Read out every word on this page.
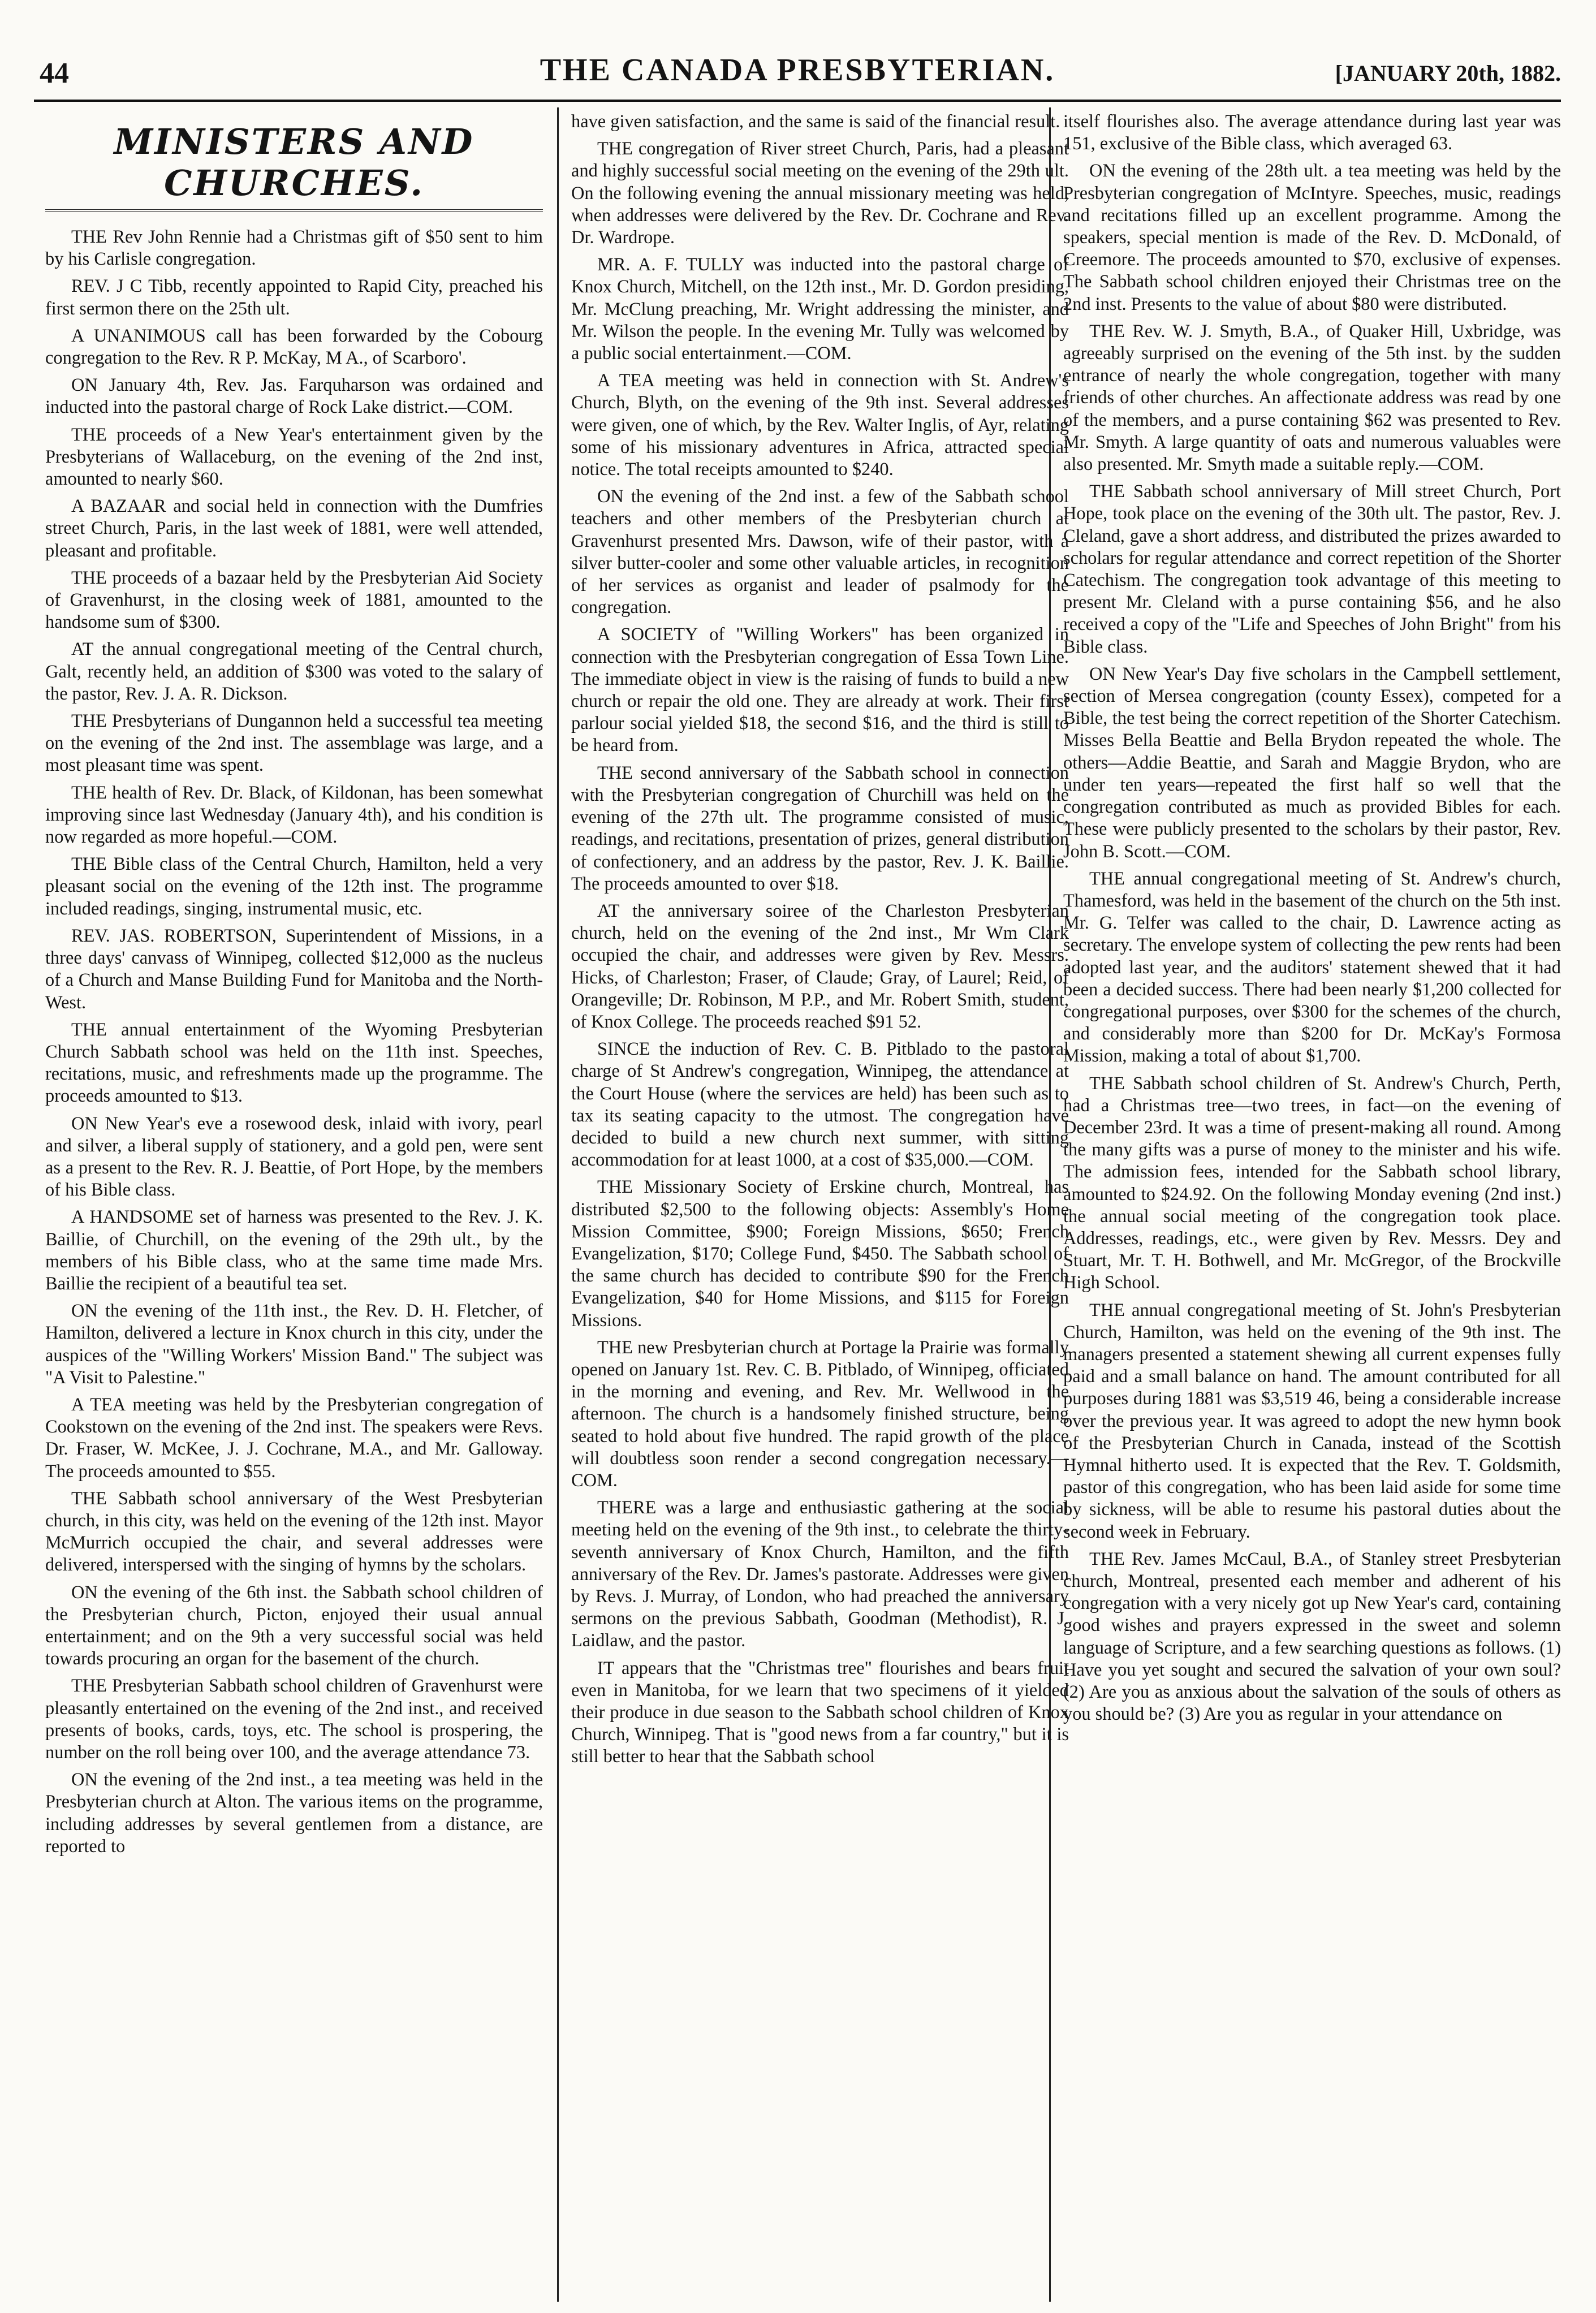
44	THE CANADA PRESBYTERIAN.	[JANUARY 20th, 1882.
MINISTERS AND CHURCHES.

THE Rev John Rennie had a Christmas gift of $50 sent to him by his Carlisle congregation.

REV. J C Tibb, recently appointed to Rapid City, preached his first sermon there on the 25th ult.

A UNANIMOUS call has been forwarded by the Cobourg congregation to the Rev. R P. McKay, M A., of Scarboro'.

ON January 4th, Rev. Jas. Farquharson was ordained and inducted into the pastoral charge of Rock Lake district.—COM.

THE proceeds of a New Year's entertainment given by the Presbyterians of Wallaceburg, on the evening of the 2nd inst, amounted to nearly $60.

A BAZAAR and social held in connection with the Dumfries street Church, Paris, in the last week of 1881, were well attended, pleasant and profitable.

THE proceeds of a bazaar held by the Presbyterian Aid Society of Gravenhurst, in the closing week of 1881, amounted to the handsome sum of $300.

AT the annual congregational meeting of the Central church, Galt, recently held, an addition of $300 was voted to the salary of the pastor, Rev. J. A. R. Dickson.

THE Presbyterians of Dungannon held a successful tea meeting on the evening of the 2nd inst. The assemblage was large, and a most pleasant time was spent.

THE health of Rev. Dr. Black, of Kildonan, has been somewhat improving since last Wednesday (January 4th), and his condition is now regarded as more hopeful.—COM.

THE Bible class of the Central Church, Hamilton, held a very pleasant social on the evening of the 12th inst. The programme included readings, singing, instrumental music, etc.

REV. JAS. ROBERTSON, Superintendent of Missions, in a three days' canvass of Winnipeg, collected $12,000 as the nucleus of a Church and Manse Building Fund for Manitoba and the North-West.

THE annual entertainment of the Wyoming Presbyterian Church Sabbath school was held on the 11th inst. Speeches, recitations, music, and refreshments made up the programme. The proceeds amounted to $13.

ON New Year's eve a rosewood desk, inlaid with ivory, pearl and silver, a liberal supply of stationery, and a gold pen, were sent as a present to the Rev. R. J. Beattie, of Port Hope, by the members of his Bible class.

A HANDSOME set of harness was presented to the Rev. J. K. Baillie, of Churchill, on the evening of the 29th ult., by the members of his Bible class, who at the same time made Mrs. Baillie the recipient of a beautiful tea set.

ON the evening of the 11th inst., the Rev. D. H. Fletcher, of Hamilton, delivered a lecture in Knox church in this city, under the auspices of the "Willing Workers' Mission Band." The subject was "A Visit to Palestine."

A TEA meeting was held by the Presbyterian congregation of Cookstown on the evening of the 2nd inst. The speakers were Revs. Dr. Fraser, W. McKee, J. J. Cochrane, M.A., and Mr. Galloway. The proceeds amounted to $55.

THE Sabbath school anniversary of the West Presbyterian church, in this city, was held on the evening of the 12th inst. Mayor McMurrich occupied the chair, and several addresses were delivered, interspersed with the singing of hymns by the scholars.

ON the evening of the 6th inst. the Sabbath school children of the Presbyterian church, Picton, enjoyed their usual annual entertainment; and on the 9th a very successful social was held towards procuring an organ for the basement of the church.

THE Presbyterian Sabbath school children of Gravenhurst were pleasantly entertained on the evening of the 2nd inst., and received presents of books, cards, toys, etc. The school is prospering, the number on the roll being over 100, and the average attendance 73.

ON the evening of the 2nd inst., a tea meeting was held in the Presbyterian church at Alton. The various items on the programme, including addresses by several gentlemen from a distance, are reported to

have given satisfaction, and the same is said of the financial result.

THE congregation of River street Church, Paris, had a pleasant and highly successful social meeting on the evening of the 29th ult. On the following evening the annual missionary meeting was held, when addresses were delivered by the Rev. Dr. Cochrane and Rev. Dr. Wardrope.

MR. A. F. TULLY was inducted into the pastoral charge of Knox Church, Mitchell, on the 12th inst., Mr. D. Gordon presiding, Mr. McClung preaching, Mr. Wright addressing the minister, and Mr. Wilson the people. In the evening Mr. Tully was welcomed by a public social entertainment.—COM.

A TEA meeting was held in connection with St. Andrew's Church, Blyth, on the evening of the 9th inst. Several addresses were given, one of which, by the Rev. Walter Inglis, of Ayr, relating some of his missionary adventures in Africa, attracted special notice. The total receipts amounted to $240.

ON the evening of the 2nd inst. a few of the Sabbath school teachers and other members of the Presbyterian church at Gravenhurst presented Mrs. Dawson, wife of their pastor, with a silver butter-cooler and some other valuable articles, in recognition of her services as organist and leader of psalmody for the congregation.

A SOCIETY of "Willing Workers" has been organized in connection with the Presbyterian congregation of Essa Town Line. The immediate object in view is the raising of funds to build a new church or repair the old one. They are already at work. Their first parlour social yielded $18, the second $16, and the third is still to be heard from.

THE second anniversary of the Sabbath school in connection with the Presbyterian congregation of Churchill was held on the evening of the 27th ult. The programme consisted of music, readings, and recitations, presentation of prizes, general distribution of confectionery, and an address by the pastor, Rev. J. K. Baillie. The proceeds amounted to over $18.

AT the anniversary soiree of the Charleston Presbyterian church, held on the evening of the 2nd inst., Mr Wm Clark occupied the chair, and addresses were given by Rev. Messrs. Hicks, of Charleston; Fraser, of Claude; Gray, of Laurel; Reid, of Orangeville; Dr. Robinson, M P.P., and Mr. Robert Smith, student, of Knox College. The proceeds reached $91 52.

SINCE the induction of Rev. C. B. Pitblado to the pastoral charge of St Andrew's congregation, Winnipeg, the attendance at the Court House (where the services are held) has been such as to tax its seating capacity to the utmost. The congregation have decided to build a new church next summer, with sitting accommodation for at least 1000, at a cost of $35,000.—COM.

THE Missionary Society of Erskine church, Montreal, has distributed $2,500 to the following objects: Assembly's Home Mission Committee, $900; Foreign Missions, $650; French Evangelization, $170; College Fund, $450. The Sabbath school of the same church has decided to contribute $90 for the French Evangelization, $40 for Home Missions, and $115 for Foreign Missions.

THE new Presbyterian church at Portage la Prairie was formally opened on January 1st. Rev. C. B. Pitblado, of Winnipeg, officiated in the morning and evening, and Rev. Mr. Wellwood in the afternoon. The church is a handsomely finished structure, being seated to hold about five hundred. The rapid growth of the place will doubtless soon render a second congregation necessary.—COM.

THERE was a large and enthusiastic gathering at the social meeting held on the evening of the 9th inst., to celebrate the thirty-seventh anniversary of Knox Church, Hamilton, and the fifth anniversary of the Rev. Dr. James's pastorate. Addresses were given by Revs. J. Murray, of London, who had preached the anniversary sermons on the previous Sabbath, Goodman (Methodist), R. J. Laidlaw, and the pastor.

IT appears that the "Christmas tree" flourishes and bears fruit even in Manitoba, for we learn that two specimens of it yielded their produce in due season to the Sabbath school children of Knox Church, Winnipeg. That is "good news from a far country," but it is still better to hear that the Sabbath school

itself flourishes also. The average attendance during last year was 151, exclusive of the Bible class, which averaged 63.

ON the evening of the 28th ult. a tea meeting was held by the Presbyterian congregation of McIntyre. Speeches, music, readings and recitations filled up an excellent programme. Among the speakers, special mention is made of the Rev. D. McDonald, of Creemore. The proceeds amounted to $70, exclusive of expenses. The Sabbath school children enjoyed their Christmas tree on the 2nd inst. Presents to the value of about $80 were distributed.

THE Rev. W. J. Smyth, B.A., of Quaker Hill, Uxbridge, was agreeably surprised on the evening of the 5th inst. by the sudden entrance of nearly the whole congregation, together with many friends of other churches. An affectionate address was read by one of the members, and a purse containing $62 was presented to Rev. Mr. Smyth. A large quantity of oats and numerous valuables were also presented. Mr. Smyth made a suitable reply.—COM.

THE Sabbath school anniversary of Mill street Church, Port Hope, took place on the evening of the 30th ult. The pastor, Rev. J. Cleland, gave a short address, and distributed the prizes awarded to scholars for regular attendance and correct repetition of the Shorter Catechism. The congregation took advantage of this meeting to present Mr. Cleland with a purse containing $56, and he also received a copy of the "Life and Speeches of John Bright" from his Bible class.

ON New Year's Day five scholars in the Campbell settlement, section of Mersea congregation (county Essex), competed for a Bible, the test being the correct repetition of the Shorter Catechism. Misses Bella Beattie and Bella Brydon repeated the whole. The others—Addie Beattie, and Sarah and Maggie Brydon, who are under ten years—repeated the first half so well that the congregation contributed as much as provided Bibles for each. These were publicly presented to the scholars by their pastor, Rev. John B. Scott.—COM.

THE annual congregational meeting of St. Andrew's church, Thamesford, was held in the basement of the church on the 5th inst. Mr. G. Telfer was called to the chair, D. Lawrence acting as secretary. The envelope system of collecting the pew rents had been adopted last year, and the auditors' statement shewed that it had been a decided success. There had been nearly $1,200 collected for congregational purposes, over $300 for the schemes of the church, and considerably more than $200 for Dr. McKay's Formosa Mission, making a total of about $1,700.

THE Sabbath school children of St. Andrew's Church, Perth, had a Christmas tree—two trees, in fact—on the evening of December 23rd. It was a time of present-making all round. Among the many gifts was a purse of money to the minister and his wife. The admission fees, intended for the Sabbath school library, amounted to $24.92. On the following Monday evening (2nd inst.) the annual social meeting of the congregation took place. Addresses, readings, etc., were given by Rev. Messrs. Dey and Stuart, Mr. T. H. Bothwell, and Mr. McGregor, of the Brockville High School.

THE annual congregational meeting of St. John's Presbyterian Church, Hamilton, was held on the evening of the 9th inst. The managers presented a statement shewing all current expenses fully paid and a small balance on hand. The amount contributed for all purposes during 1881 was $3,519 46, being a considerable increase over the previous year. It was agreed to adopt the new hymn book of the Presbyterian Church in Canada, instead of the Scottish Hymnal hitherto used. It is expected that the Rev. T. Goldsmith, pastor of this congregation, who has been laid aside for some time by sickness, will be able to resume his pastoral duties about the second week in February.

THE Rev. James McCaul, B.A., of Stanley street Presbyterian church, Montreal, presented each member and adherent of his congregation with a very nicely got up New Year's card, containing good wishes and prayers expressed in the sweet and solemn language of Scripture, and a few searching questions as follows. (1) Have you yet sought and secured the salvation of your own soul? (2) Are you as anxious about the salvation of the souls of others as you should be? (3) Are you as regular in your attendance on
